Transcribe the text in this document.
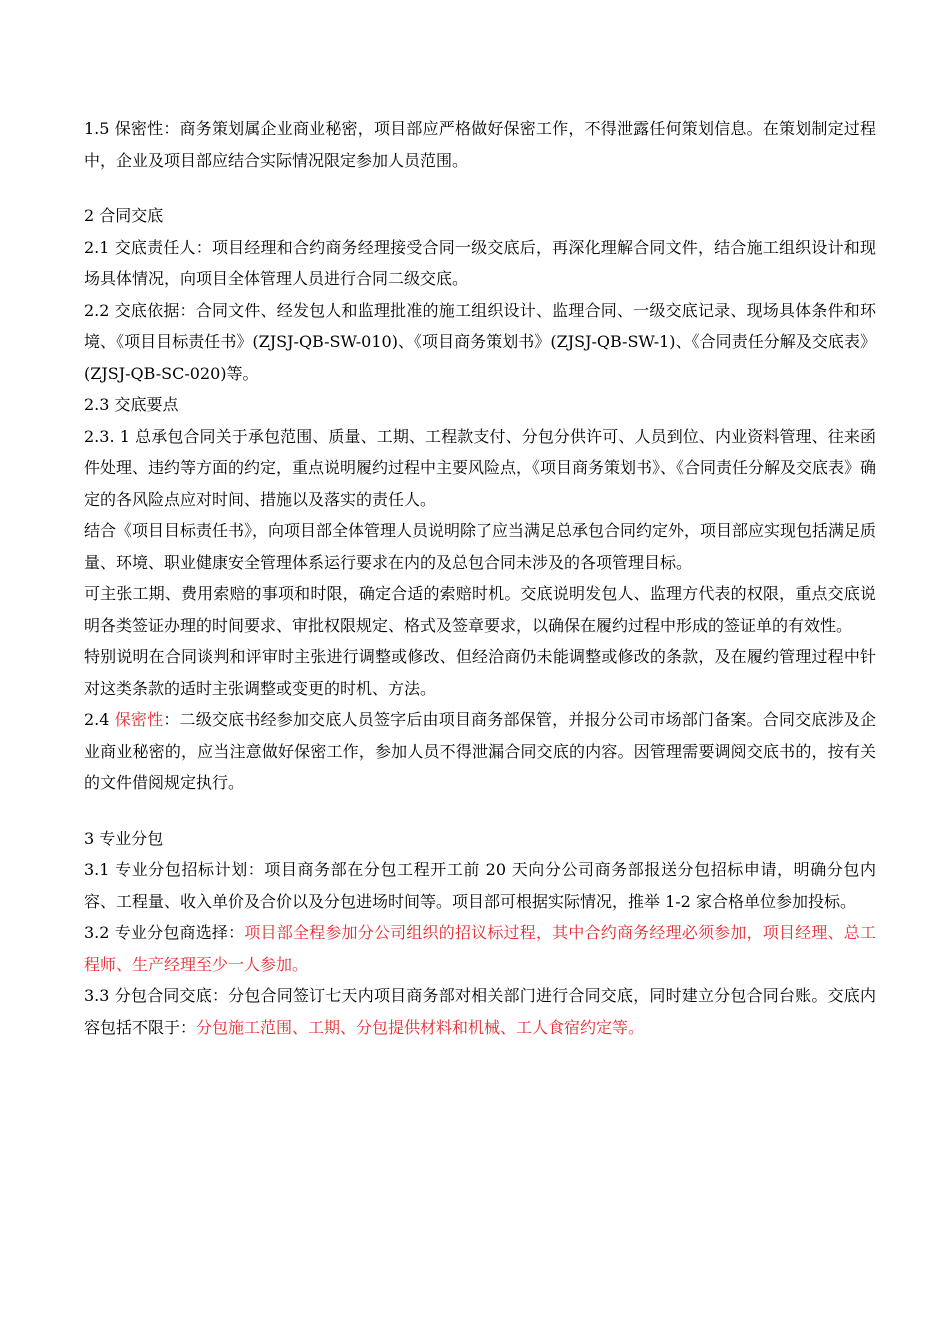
1.5 保密性：商务策划属企业商业秘密，项目部应严格做好保密工作，不得泄露任何策划信息。在策划制定过程中，企业及项目部应结合实际情况限定参加人员范围。

2 合同交底

2.1 交底责任人：项目经理和合约商务经理接受合同一级交底后，再深化理解合同文件，结合施工组织设计和现场具体情况，向项目全体管理人员进行合同二级交底。

2.2 交底依据：合同文件、经发包人和监理批准的施工组织设计、监理合同、一级交底记录、现场具体条件和环境、《项目目标责任书》(ZJSJ-QB-SW-010)、《项目商务策划书》(ZJSJ-QB-SW-1)、《合同责任分解及交底表》(ZJSJ-QB-SC-020)等。

2.3 交底要点

2.3. 1 总承包合同关于承包范围、质量、工期、工程款支付、分包分供许可、人员到位、内业资料管理、往来函件处理、违约等方面的约定，重点说明履约过程中主要风险点，《项目商务策划书》、《合同责任分解及交底表》确定的各风险点应对时间、措施以及落实的责任人。

结合《项目目标责任书》，向项目部全体管理人员说明除了应当满足总承包合同约定外，项目部应实现包括满足质量、环境、职业健康安全管理体系运行要求在内的及总包合同未涉及的各项管理目标。

可主张工期、费用索赔的事项和时限，确定合适的索赔时机。交底说明发包人、监理方代表的权限，重点交底说明各类签证办理的时间要求、审批权限规定、格式及签章要求，以确保在履约过程中形成的签证单的有效性。

特别说明在合同谈判和评审时主张进行调整或修改、但经洽商仍未能调整或修改的条款，及在履约管理过程中针对这类条款的适时主张调整或变更的时机、方法。

2.4 保密性：二级交底书经参加交底人员签字后由项目商务部保管，并报分公司市场部门备案。合同交底涉及企业商业秘密的，应当注意做好保密工作，参加人员不得泄漏合同交底的内容。因管理需要调阅交底书的，按有关的文件借阅规定执行。

3 专业分包

3.1 专业分包招标计划：项目商务部在分包工程开工前 20 天向分公司商务部报送分包招标申请，明确分包内容、工程量、收入单价及合价以及分包进场时间等。项目部可根据实际情况，推举 1-2 家合格单位参加投标。

3.2 专业分包商选择：项目部全程参加分公司组织的招议标过程，其中合约商务经理必须参加，项目经理、总工程师、生产经理至少一人参加。

3.3 分包合同交底：分包合同签订七天内项目商务部对相关部门进行合同交底，同时建立分包合同台账。交底内容包括不限于：分包施工范围、工期、分包提供材料和机械、工人食宿约定等。
